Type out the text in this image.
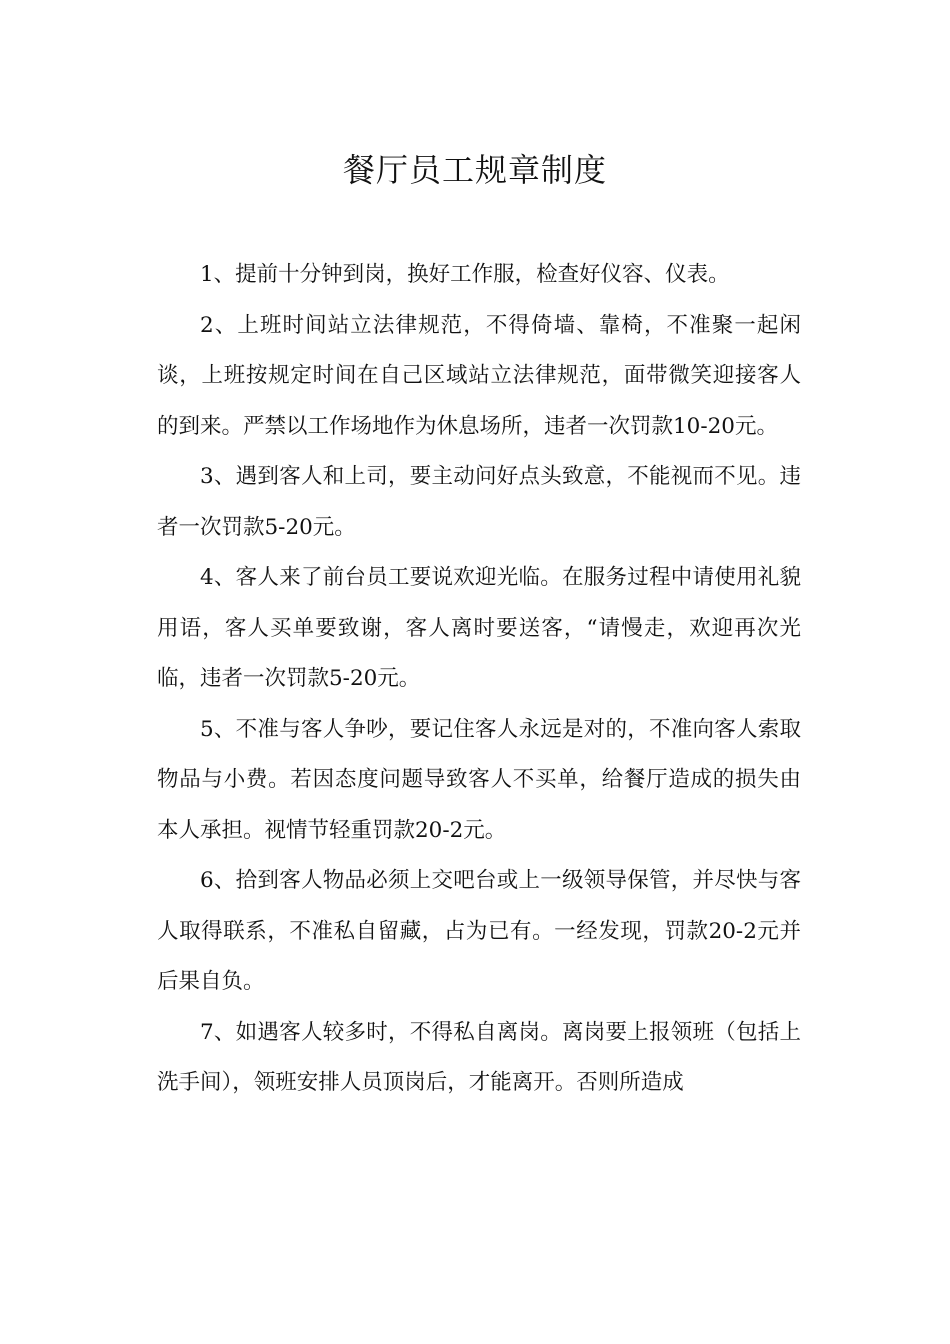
餐厅员工规章制度

1、提前十分钟到岗，换好工作服，检查好仪容、仪表。

2、上班时间站立法律规范，不得倚墙、靠椅，不准聚一起闲谈，上班按规定时间在自己区域站立法律规范，面带微笑迎接客人的到来。严禁以工作场地作为休息场所，违者一次罚款10-20元。

3、遇到客人和上司，要主动问好点头致意，不能视而不见。违者一次罚款5-20元。

4、客人来了前台员工要说欢迎光临。在服务过程中请使用礼貌用语，客人买单要致谢，客人离时要送客，“请慢走，欢迎再次光临，违者一次罚款5-20元。

5、不准与客人争吵，要记住客人永远是对的，不准向客人索取物品与小费。若因态度问题导致客人不买单，给餐厅造成的损失由本人承担。视情节轻重罚款20-2元。

6、拾到客人物品必须上交吧台或上一级领导保管，并尽快与客人取得联系，不准私自留藏，占为已有。一经发现，罚款20-2元并后果自负。

7、如遇客人较多时，不得私自离岗。离岗要上报领班（包括上洗手间），领班安排人员顶岗后，才能离开。否则所造成
